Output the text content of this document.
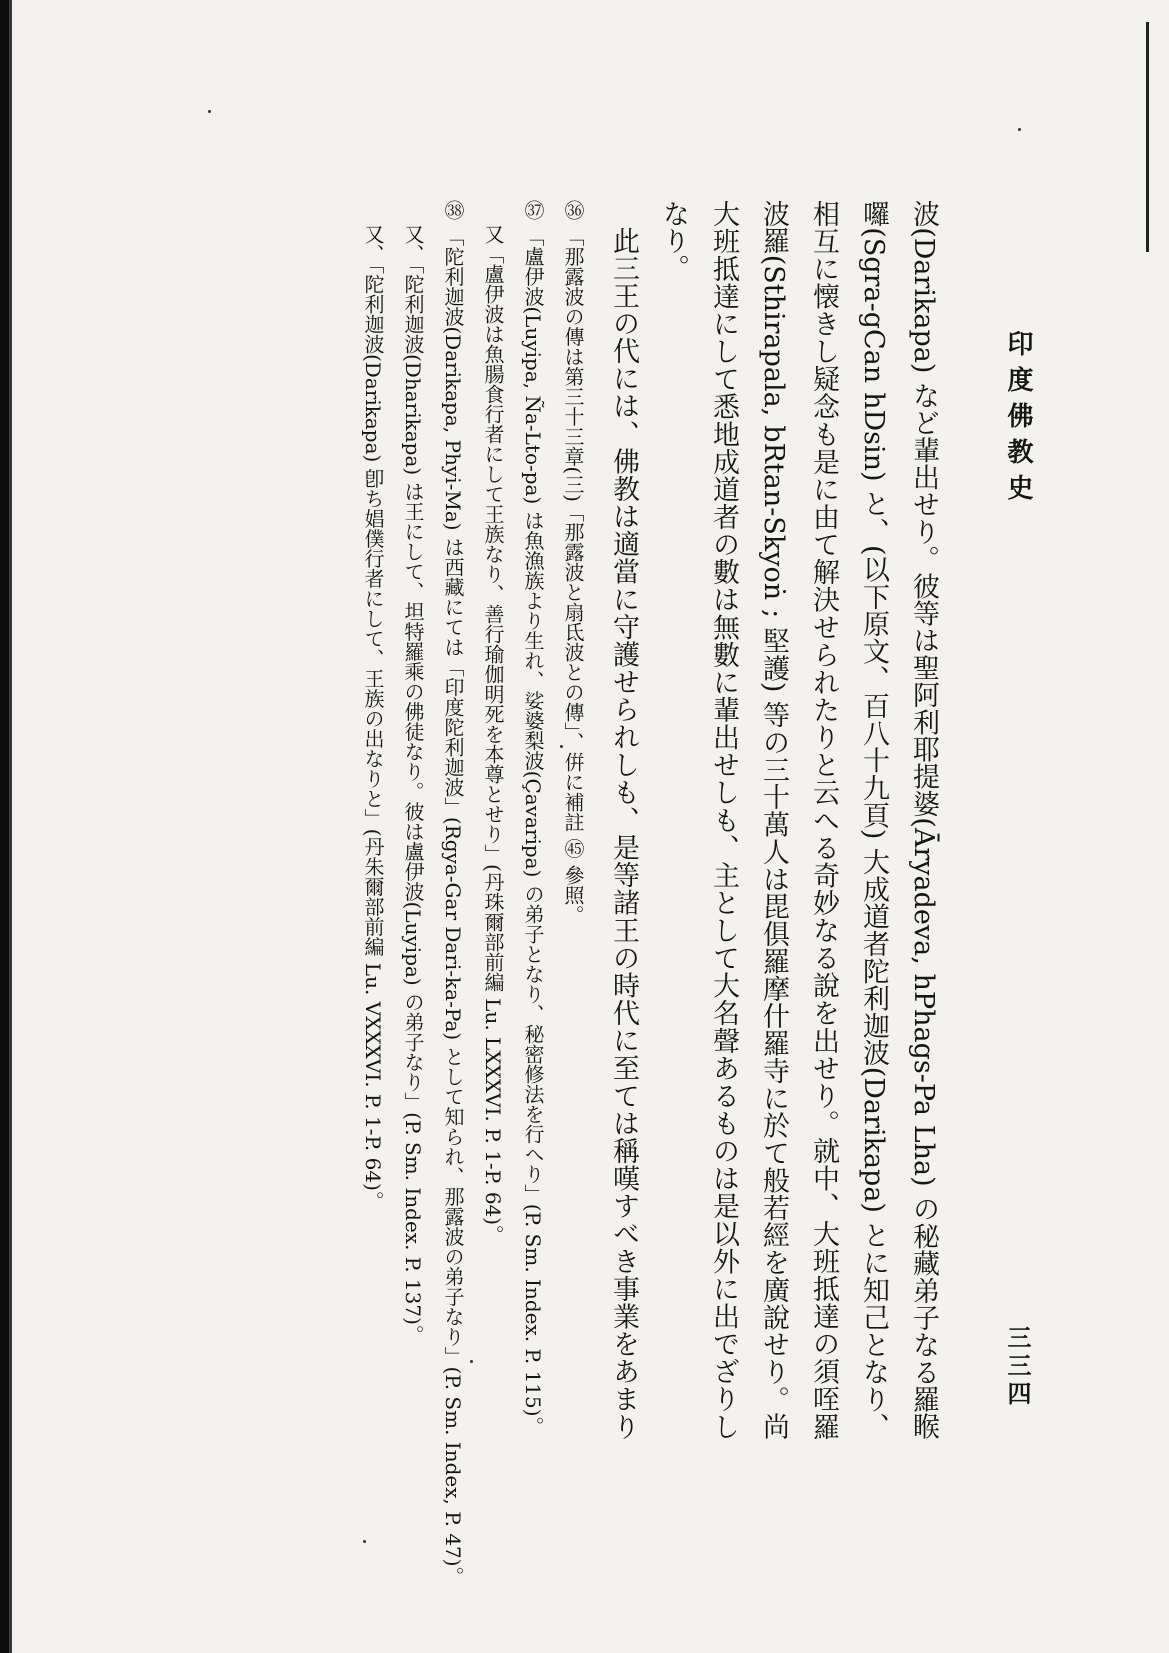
印度佛教史
三三四

波(Darikapa) など輩出せり。彼等は聖阿利耶提婆(Āryadeva, hPhags-Pa Lha) の秘藏弟子なる羅睺囉(Sgra-gCan hDsin) と、(以下原文、百八十九頁) 大成道者陀利迦波(Darikapa) とに知己となり、相互に懐きし疑念も是に由て解決せられたりと云へる奇妙なる說を出せり。就中、大班抵達の須咥羅波羅(Sthirapala, bRtan-Skyoṅ ; 堅護) 等の三十萬人は毘俱羅摩什羅寺に於て般若經を廣說せり。尚大班抵達にして悉地成道者の數は無數に輩出せしも、主として大名聲あるものは是以外に出でざりしなり。

此三王の代には、佛教は適當に守護せられしも、是等諸王の時代に至ては稱嘆すべき事業をあまり

㊱ 「那露波の傳は第三十三章(三)「那露波と扇氐波との傳」、倂に補註 ㊺ 參照。

㊲ 「盧伊波(Luyipa, Ña-Lto-pa) は魚漁族より生れ、娑婆梨波(Çavaripa) の弟子となり、秘密修法を行へり」(P. Sm. Index. P. 115)。

又「盧伊波は魚腸食行者にして王族なり、善行瑜伽明死を本尊とせり」(丹珠爾部前編 Lu. LXXXVI. P. 1-P. 64)。

㊳ 「陀利迦波(Darikapa, Phyi-Ma) は西藏にては「印度陀利迦波」(Rgya-Gar Dari-ka-Pa) として知られ、那露波の弟子なり」(P. Sm. Index, P. 47)。

又、「陀利迦波(Dharikapa) は王にして、坦特羅乘の佛徒なり。彼は盧伊波(Luyipa) の弟子なり」(P. Sm. Index. P. 137)。

又、「陀利迦波(Darikapa) 卽ち娼僕行者にして、王族の出なりと」(丹朱爾部前編 Lu. VXXXVI. P. 1-P. 64)。
